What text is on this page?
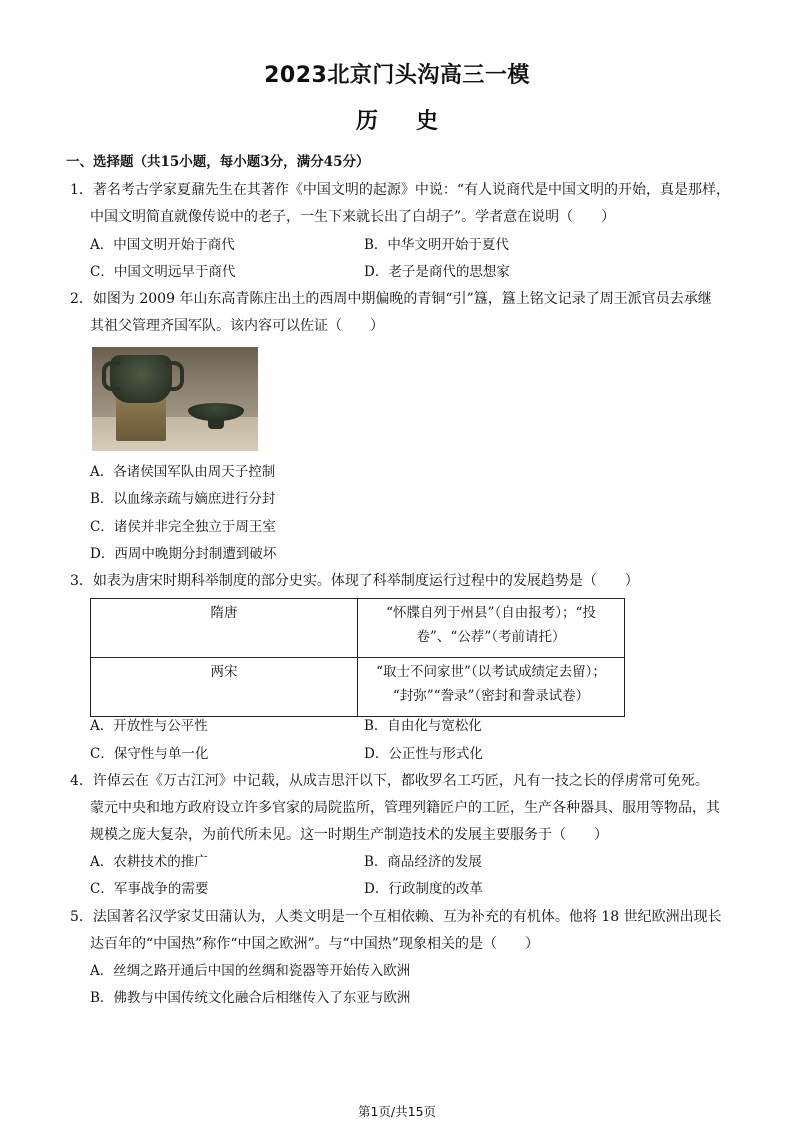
2023北京门头沟高三一模
历史
一、选择题（共15小题，每小题3分，满分45分）
1．著名考古学家夏鼐先生在其著作《中国文明的起源》中说：“有人说商代是中国文明的开始，真是那样，
中国文明简直就像传说中的老子，一生下来就长出了白胡子”。学者意在说明（　　）
A．中国文明开始于商代	B．中华文明开始于夏代
C．中国文明远早于商代	D．老子是商代的思想家
2．如图为 2009 年山东高青陈庄出土的西周中期偏晚的青铜“引”簋，簋上铭文记录了周王派官员去承继
其祖父管理齐国军队。该内容可以佐证（　　）
A．各诸侯国军队由周天子控制
B．以血缘亲疏与嫡庶进行分封
C．诸侯并非完全独立于周王室
D．西周中晚期分封制遭到破坏
3．如表为唐宋时期科举制度的部分史实。体现了科举制度运行过程中的发展趋势是（　　）
隋唐	“怀牒自列于州县”（自由报考）；“投
卷”、“公荐”（考前请托）

两宋	“取士不问家世”（以考试成绩定去留）；
“封弥”“誊录”（密封和誊录试卷）
A．开放性与公平性	B．自由化与宽松化
C．保守性与单一化	D．公正性与形式化
4．许倬云在《万古江河》中记载，从成吉思汗以下，都收罗名工巧匠，凡有一技之长的俘虏常可免死。
蒙元中央和地方政府设立许多官家的局院监所，管理列籍匠户的工匠，生产各种器具、服用等物品，其
规模之庞大复杂，为前代所未见。这一时期生产制造技术的发展主要服务于（　　）
A．农耕技术的推广	B．商品经济的发展
C．军事战争的需要	D．行政制度的改革
5．法国著名汉学家艾田蒲认为，人类文明是一个互相依赖、互为补充的有机体。他将 18 世纪欧洲出现长
达百年的“中国热”称作“中国之欧洲”。与“中国热”现象相关的是（　　）
A．丝绸之路开通后中国的丝绸和瓷器等开始传入欧洲
B．佛教与中国传统文化融合后相继传入了东亚与欧洲
第1页/共15页
